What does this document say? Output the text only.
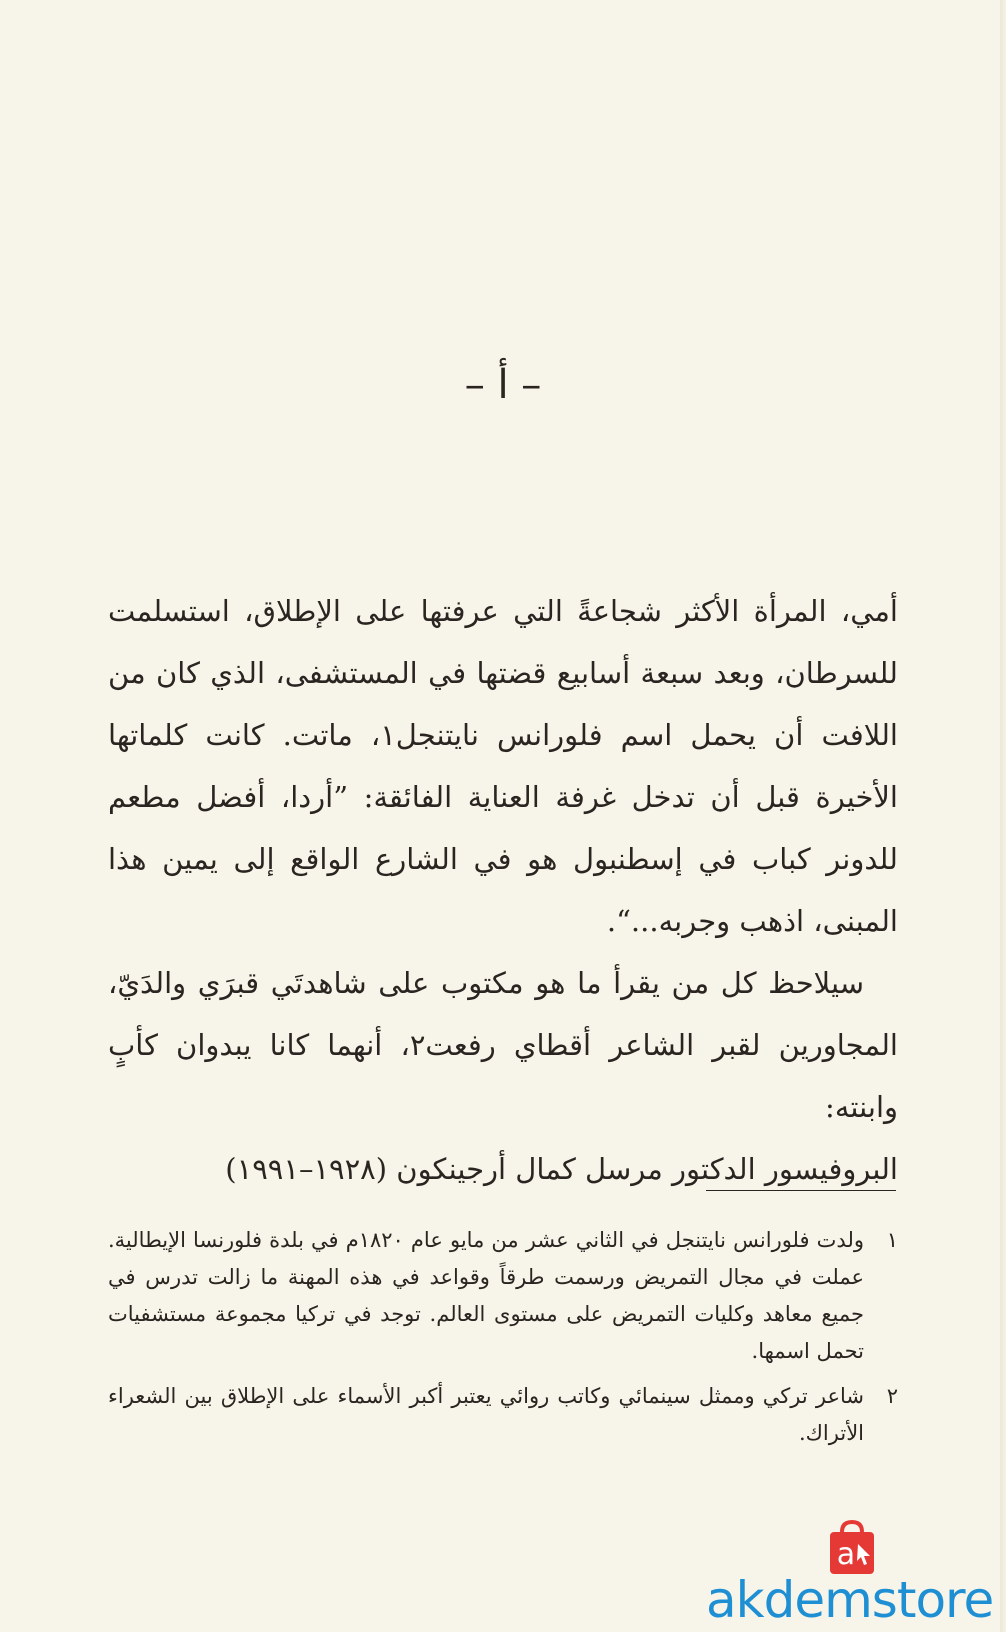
– أ –

أمي، المرأة الأكثر شجاعةً التي عرفتها على الإطلاق، استسلمت للسرطان، وبعد سبعة أسابيع قضتها في المستشفى، الذي كان من اللافت أن يحمل اسم فلورانس نايتنجل١، ماتت. كانت كلماتها الأخيرة قبل أن تدخل غرفة العناية الفائقة: ”أردا، أفضل مطعم للدونر كباب في إسطنبول هو في الشارع الواقع إلى يمين هذا المبنى، اذهب وجربه...“.

سيلاحظ كل من يقرأ ما هو مكتوب على شاهدتَي قبرَي والدَيّ، المجاورين لقبر الشاعر أقطاي رفعت٢، أنهما كانا يبدوان كأبٍ وابنته:

البروفيسور الدكتور مرسل كمال أرجينكون (١٩٢٨–١٩٩١)

١
ولدت فلورانس نايتنجل في الثاني عشر من مايو عام ١٨٢٠م في بلدة فلورنسا الإيطالية. عملت في مجال التمريض ورسمت طرقاً وقواعد في هذه المهنة ما زالت تدرس في جميع معاهد وكليات التمريض على مستوى العالم. توجد في تركيا مجموعة مستشفيات تحمل اسمها.
٢
شاعر تركي وممثل سينمائي وكاتب روائي يعتبر أكبر الأسماء على الإطلاق بين الشعراء الأتراك.
a
akdemstore
